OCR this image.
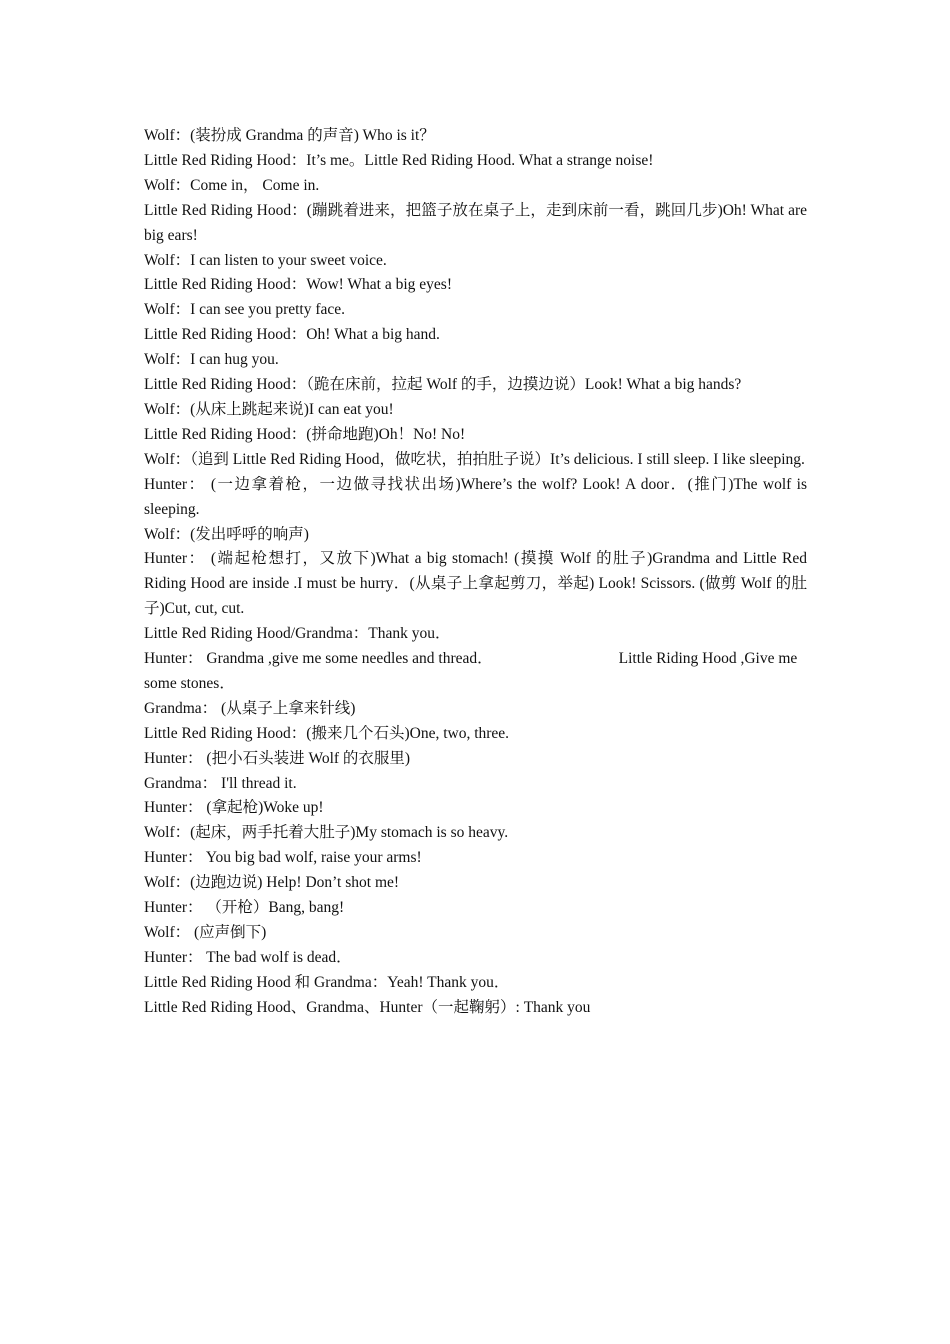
Wolf：(装扮成 Grandma 的声音) Who is it？
Little Red Riding Hood：It’s me。Little Red Riding Hood. What a strange noise!
Wolf：Come in， Come in.
Little Red Riding Hood：(蹦跳着进来，把篮子放在桌子上，走到床前一看，跳回几步)Oh! What are big ears!
Wolf：I can listen to your sweet voice.
Little Red Riding Hood：Wow! What a big eyes!
Wolf：I can see you pretty face.
Little Red Riding Hood：Oh! What a big hand.
Wolf：I can hug you.
Little Red Riding Hood：（跪在床前，拉起 Wolf 的手，边摸边说）Look! What a big hands?
Wolf：(从床上跳起来说)I can eat you!
Little Red Riding Hood：(拼命地跑)Oh！No! No!
Wolf：（追到 Little Red Riding Hood，做吃状，拍拍肚子说）It’s delicious. I still sleep. I like sleeping.
Hunter： (一边拿着枪，一边做寻找状出场)Where’s the wolf? Look! A door．(推门)The wolf is sleeping.
Wolf：(发出呼呼的响声)
Hunter： (端起枪想打，又放下)What a big stomach! (摸摸 Wolf 的肚子)Grandma and Little Red Riding Hood are inside .I must be hurry．(从桌子上拿起剪刀，举起) Look! Scissors. (做剪 Wolf 的肚子)Cut, cut, cut.
Little Red Riding Hood/Grandma：Thank you．
Hunter： Grandma ,give me some needles and thread．	Little Riding Hood ,Give me
some stones．
Grandma： (从桌子上拿来针线)
Little Red Riding Hood：(搬来几个石头)One, two, three.
Hunter： (把小石头装进 Wolf 的衣服里)
Grandma： I'll thread it.
Hunter： (拿起枪)Woke up!
Wolf：(起床，两手托着大肚子)My stomach is so heavy.
Hunter： You big bad wolf, raise your arms!
Wolf：(边跑边说) Help! Don’t shot me!
Hunter： （开枪）Bang, bang!
Wolf： (应声倒下)
Hunter： The bad wolf is dead．
Little Red Riding Hood 和 Grandma：Yeah! Thank you．
Little Red Riding Hood、Grandma、Hunter（一起鞠躬）: Thank you
